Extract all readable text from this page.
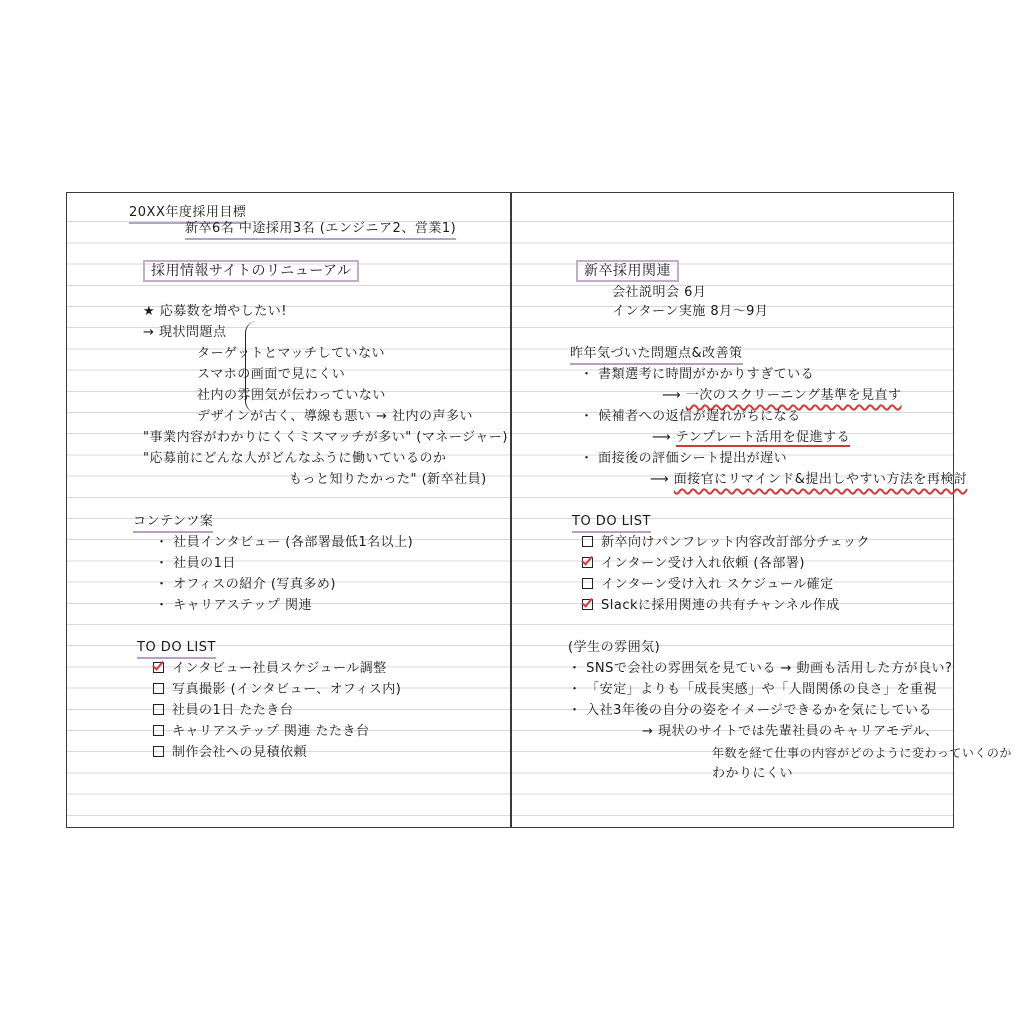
20XX年度採用目標
新卒6名 中途採用3名 (エンジニア2、営業1)
採用情報サイトのリニューアル
★ 応募数を増やしたい!
→ 現状問題点
ターゲットとマッチしていない
スマホの画面で見にくい
社内の雰囲気が伝わっていない
デザインが古く、導線も悪い → 社内の声多い
"事業内容がわかりにくくミスマッチが多い" (マネージャー)
"応募前にどんな人がどんなふうに働いているのか
もっと知りたかった" (新卒社員)
コンテンツ案
・ 社員インタビュー (各部署最低1名以上)
・ 社員の1日
・ オフィスの紹介 (写真多め)
・ キャリアステップ 関連
TO DO LIST
インタビュー社員スケジュール調整
写真撮影 (インタビュー、オフィス内)
社員の1日 たたき台
キャリアステップ 関連 たたき台
制作会社への見積依頼
新卒採用関連
会社説明会 6月
インターン実施 8月〜9月
昨年気づいた問題点&改善策
・ 書類選考に時間がかかりすぎている
⟶ 一次のスクリーニング基準を見直す
・ 候補者への返信が遅れがちになる
⟶ テンプレート活用を促進する
・ 面接後の評価シート提出が遅い
⟶ 面接官にリマインド&提出しやすい方法を再検討
TO DO LIST
新卒向けパンフレット内容改訂部分チェック
インターン受け入れ依頼 (各部署)
インターン受け入れ スケジュール確定
Slackに採用関連の共有チャンネル作成
(学生の雰囲気)
・ SNSで会社の雰囲気を見ている → 動画も活用した方が良い?
・ 「安定」よりも「成長実感」や「人間関係の良さ」を重視
・ 入社3年後の自分の姿をイメージできるかを気にしている
→ 現状のサイトでは先輩社員のキャリアモデル、
年数を経て仕事の内容がどのように変わっていくのか
わかりにくい
